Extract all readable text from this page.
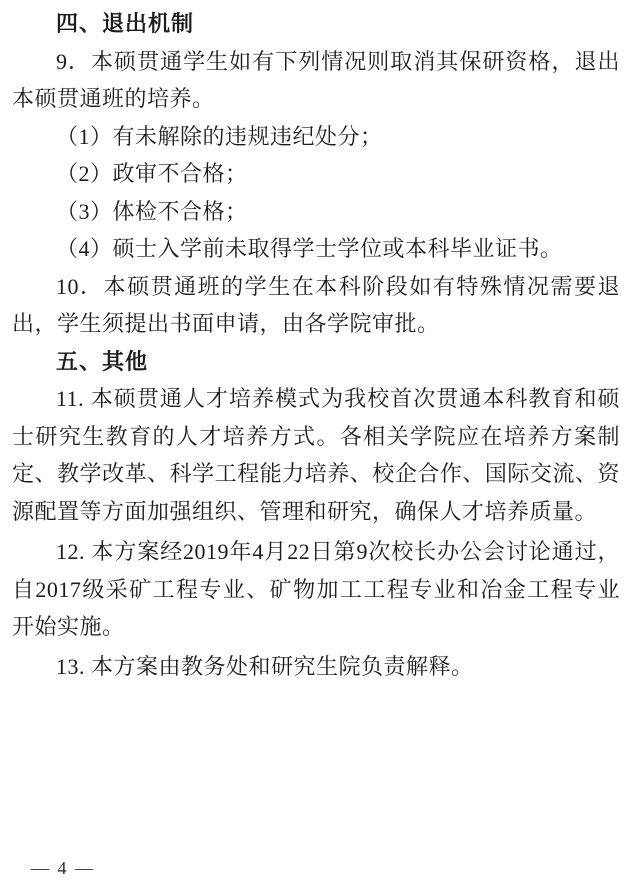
四、退出机制

9．本硕贯通学生如有下列情况则取消其保研资格，退出本硕贯通班的培养。

（1）有未解除的违规违纪处分；

（2）政审不合格；

（3）体检不合格；

（4）硕士入学前未取得学士学位或本科毕业证书。

10．本硕贯通班的学生在本科阶段如有特殊情况需要退出，学生须提出书面申请，由各学院审批。

五、其他

11. 本硕贯通人才培养模式为我校首次贯通本科教育和硕士研究生教育的人才培养方式。各相关学院应在培养方案制定、教学改革、科学工程能力培养、校企合作、国际交流、资源配置等方面加强组织、管理和研究，确保人才培养质量。

12. 本方案经2019年4月22日第9次校长办公会讨论通过，自2017级采矿工程专业、矿物加工工程专业和冶金工程专业开始实施。

13. 本方案由教务处和研究生院负责解释。

— 4 —
